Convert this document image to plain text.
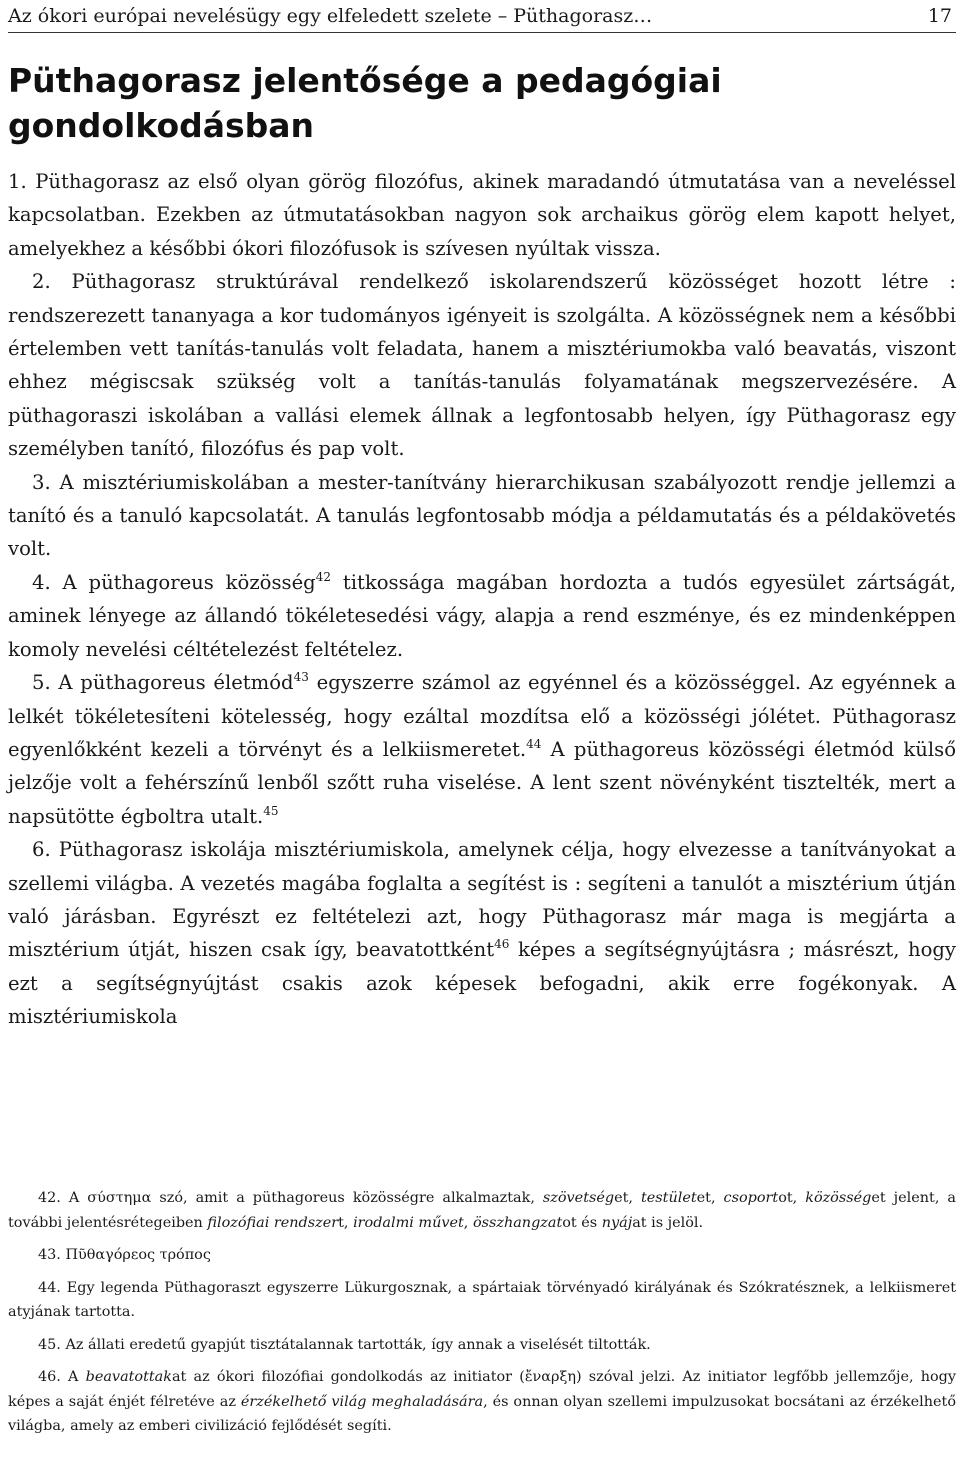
Az ókori európai nevelésügy egy elfeledett szelete – Püthagorasz…	17
Püthagorasz jelentősége a pedagógiai gondolkodásban

1. Püthagorasz az első olyan görög filozófus, akinek maradandó útmutatása van a neveléssel kapcsolatban. Ezekben az útmutatásokban nagyon sok archaikus görög elem kapott helyet, amelyekhez a későbbi ókori filozófusok is szívesen nyúltak vissza.

2. Püthagorasz struktúrával rendelkező iskolarendszerű közösséget hozott létre : rendszerezett tananyaga a kor tudományos igényeit is szolgálta. A közösségnek nem a későbbi értelemben vett tanítás-tanulás volt feladata, hanem a misztériumokba való beavatás, viszont ehhez mégiscsak szükség volt a tanítás-tanulás folyamatának megszervezésére. A püthagoraszi iskolában a vallási elemek állnak a legfontosabb helyen, így Püthagorasz egy személyben tanító, filozófus és pap volt.

3. A misztériumiskolában a mester-tanítvány hierarchikusan szabályozott rendje jellemzi a tanító és a tanuló kapcsolatát. A tanulás legfontosabb módja a példamutatás és a példakövetés volt.

4. A püthagoreus közösség$^{42}$ titkossága magában hordozta a tudós egyesület zártságát, aminek lényege az állandó tökéletesedési vágy, alapja a rend eszménye, és ez mindenképpen komoly nevelési céltételezést feltételez.

5. A püthagoreus életmód$^{43}$ egyszerre számol az egyénnel és a közösséggel. Az egyénnek a lelkét tökéletesíteni kötelesség, hogy ezáltal mozdítsa elő a közösségi jólétet. Püthagorasz egyenlőkként kezeli a törvényt és a lelkiismeretet.$^{44}$ A püthagoreus közösségi életmód külső jelzője volt a fehérszínű lenből szőtt ruha viselése. A lent szent növényként tisztelték, mert a napsütötte égboltra utalt.$^{45}$

6. Püthagorasz iskolája misztériumiskola, amelynek célja, hogy elvezesse a tanítványokat a szellemi világba. A vezetés magába foglalta a segítést is : segíteni a tanulót a misztérium útján való járásban. Egyrészt ez feltételezi azt, hogy Püthagorasz már maga is megjárta a misztérium útját, hiszen csak így, beavatottként$^{46}$ képes a segítségnyújtásra ; másrészt, hogy ezt a segítségnyújtást csakis azok képesek befogadni, akik erre fogékonyak. A misztériumiskola

42. A σύστημα szó, amit a püthagoreus közösségre alkalmaztak, szövetséget, testületet, csoportot, közösséget jelent, a további jelentésrétegeiben filozófiai rendszert, irodalmi művet, összhangzatot és nyájat is jelöl.

43. Πῦθαγόρεος τρόπος

44. Egy legenda Püthagoraszt egyszerre Lükurgosznak, a spártaiak törvényadó királyának és Szókratésznek, a lelkiismeret atyjának tartotta.

45. Az állati eredetű gyapjút tisztátalannak tartották, így annak a viselését tiltották.

46. A beavatottakat az ókori filozófiai gondolkodás az initiator (ἔναρξη) szóval jelzi. Az initiator legfőbb jellemzője, hogy képes a saját énjét félretéve az érzékelhető világ meghaladására, és onnan olyan szellemi impulzusokat bocsátani az érzékelhető világba, amely az emberi civilizáció fejlődését segíti.
